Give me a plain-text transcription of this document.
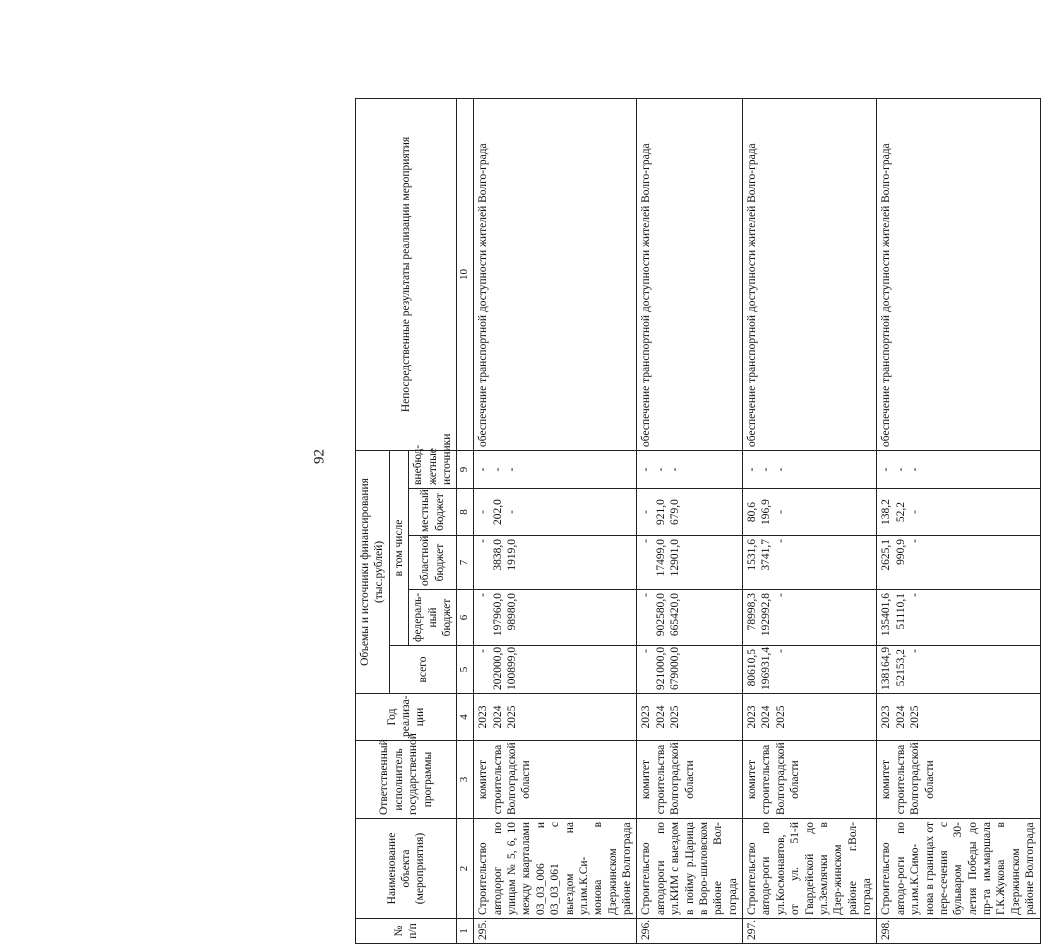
92
№ п/п	Наименование объекта (мероприятия)	Ответственный исполнитель государственной программы	Год реализа-ции	Объемы и источники финансирования (тыс.рублей)					Непосредственные результаты реализации мероприятия
				всего	в том числе				
					федераль-ный бюджет	областной бюджет	местный бюджет	внебюд-жетные источники	
1	2	3	4	5	6	7	8	9	10
295.	Строительство автодорог по улицам № 5, 6, 10 между кварталами 03_03_006 и 03_03_061 с выездом на ул.им.К.Си-монова в Дзержинском районе Волгограда	комитет строительства Волгоградской области	2023 2024 2025	- 202000,0 100899,0	- 197960,0 98980,0	- 3838,0 1919,0	- 202,0 -	- - -	обеспечение транспортной доступности жителей Волго-града
296.	Строительство автодороги по ул.КИМ с выездом в пойму р.Царица в Воро-шиловском районе Вол-гограда	комитет строительства Волгоградской области	2023 2024 2025	- 921000,0 679000,0	- 902580,0 665420,0	- 17499,0 12901,0	- 921,0 679,0	- - -	обеспечение транспортной доступности жителей Волго-града
297.	Строительство автодо-роги по ул.Космонавтов, от ул. 51-й Гвардейской до ул.Землячки в Дзер-жинском районе г.Вол-гограда	комитет строительства Волгоградской области	2023 2024 2025	80610,5 196931,4 -	78998,3 192992,8 -	1531,6 3741,7 -	80,6 196,9 -	- - -	обеспечение транспортной доступности жителей Волго-града
298.	Строительство автодо-роги по ул.им.К.Симо-нова в границах от пере-сечения с бульваром 30-летия Победы до пр-та им.маршала Г.К.Жукова в Дзержинском районе Волгограда	комитет строительства Волгоградской области	2023 2024 2025	138164,9 52153,2 -	135401,6 51110,1 -	2625,1 990,9 -	138,2 52,2 -	- - -	обеспечение транспортной доступности жителей Волго-града
